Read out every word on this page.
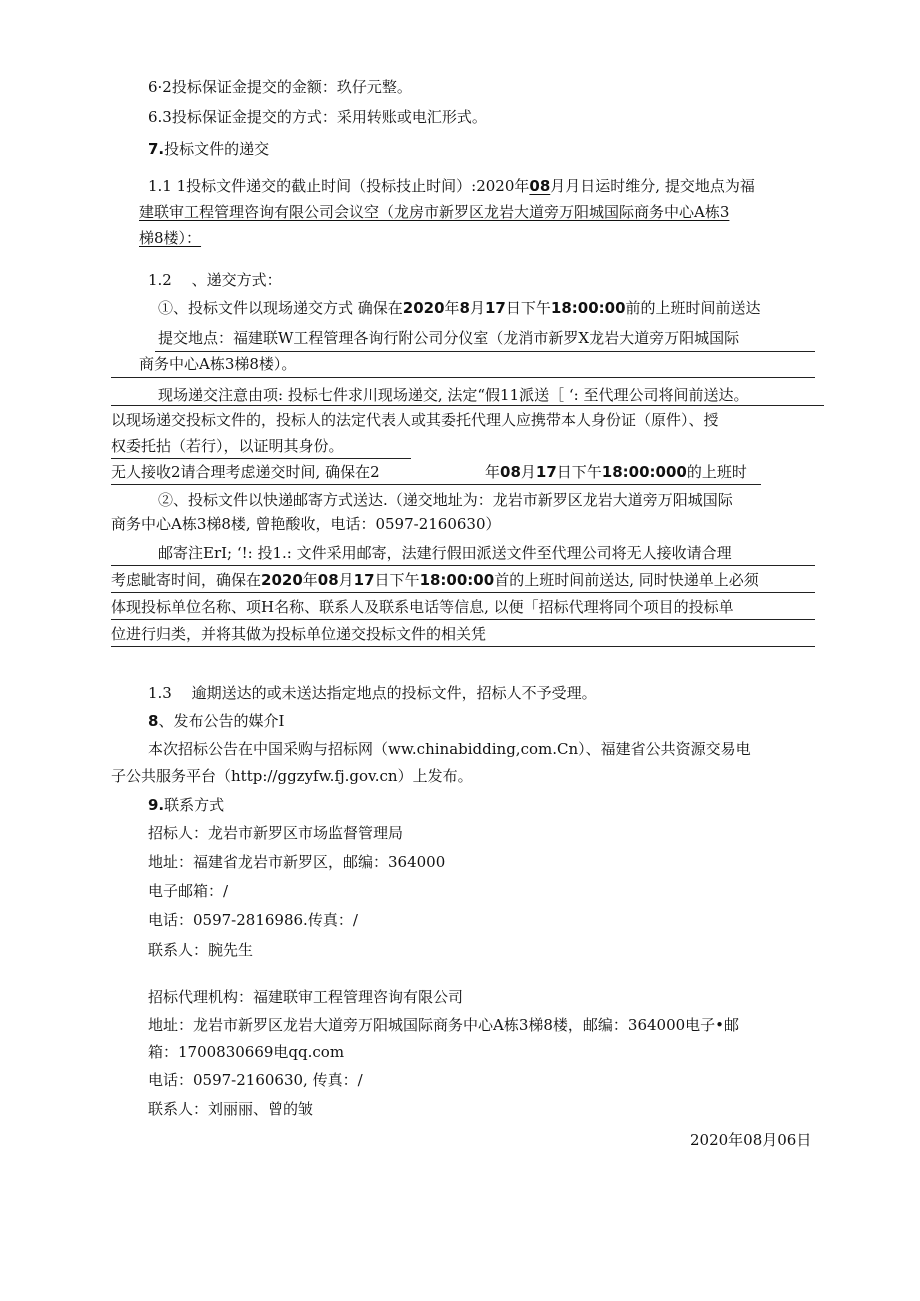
6·2投标保证金提交的金额：玖仔元整。
6.3投标保证金提交的方式：采用转账或电汇形式。
7.投标文件的递交
1.1 1投标文件递交的截止时间（投标技止时间）:2020年08月月日运时维分, 提交地点为福
建联审工程管理咨询有限公司会议空（龙房市新罗区龙岩大道旁万阳城国际商务中心A栋3
梯8楼）：
1.2　 、递交方式：
①、投标文件以现场递交方式 确保在2020年8月17日下午18:00:00前的上班时间前送达
提交地点：福建联W工程管理各询行附公司分仪室（龙消市新罗X龙岩大道旁万阳城国际
商务中心A栋3梯8楼）。
现场递交注意由项: 投标七件求川现场递交, 法定“假11派送［ ‘: 至代理公司将间前送达。
以现场递交投标文件的，投标人的法定代表人或其委托代理人应携带本人身份证（原件）、授
权委托拈（若行），以证明其身份。
无人接收2请合理考虑递交时间, 确保在2	年08月17日下午18:00:000的上班时
②、投标文件以快递邮寄方式送达.（递交地址为：龙岩市新罗区龙岩大道旁万阳城国际
商务中心A栋3梯8楼, 曾艳酸收，电话：0597-2160630）
邮寄注ErI; ‘!: 投1.: 文件采用邮寄，法建行假田派送文件至代理公司将无人接收请合理
考虑眦寄时间，确保在2020年08月17日下午18:00:00首的上班时间前送达, 同时快递单上必须
体现投标单位名称、项H名称、联系人及联系电话等信息, 以便「招标代理将同个项目的投标单
位进行归类，并将其做为投标单位递交投标文件的相关凭
1.3　 逾期送达的或未送达指定地点的投标文件，招标人不予受理。
8、发布公告的媒介I
本次招标公告在中国采购与招标网（ww.chinabidding,com.Cn）、福建省公共资源交易电
子公共服务平台（http://ggzyfw.fj.gov.cn）上发布。
9.联系方式
招标人：龙岩市新罗区市场监督管理局
地址：福建省龙岩市新罗区，邮编：364000
电子邮箱：/
电话：0597-2816986.传真：/
联系人：腕先生
招标代理机构：福建联审工程管理咨询有限公司
地址：龙岩市新罗区龙岩大道旁万阳城国际商务中心A栋3梯8楼，邮编：364000电子•邮
箱：1700830669电qq.com
电话：0597-2160630, 传真：/
联系人：刘丽丽、曾的皱
2020年08月06日
